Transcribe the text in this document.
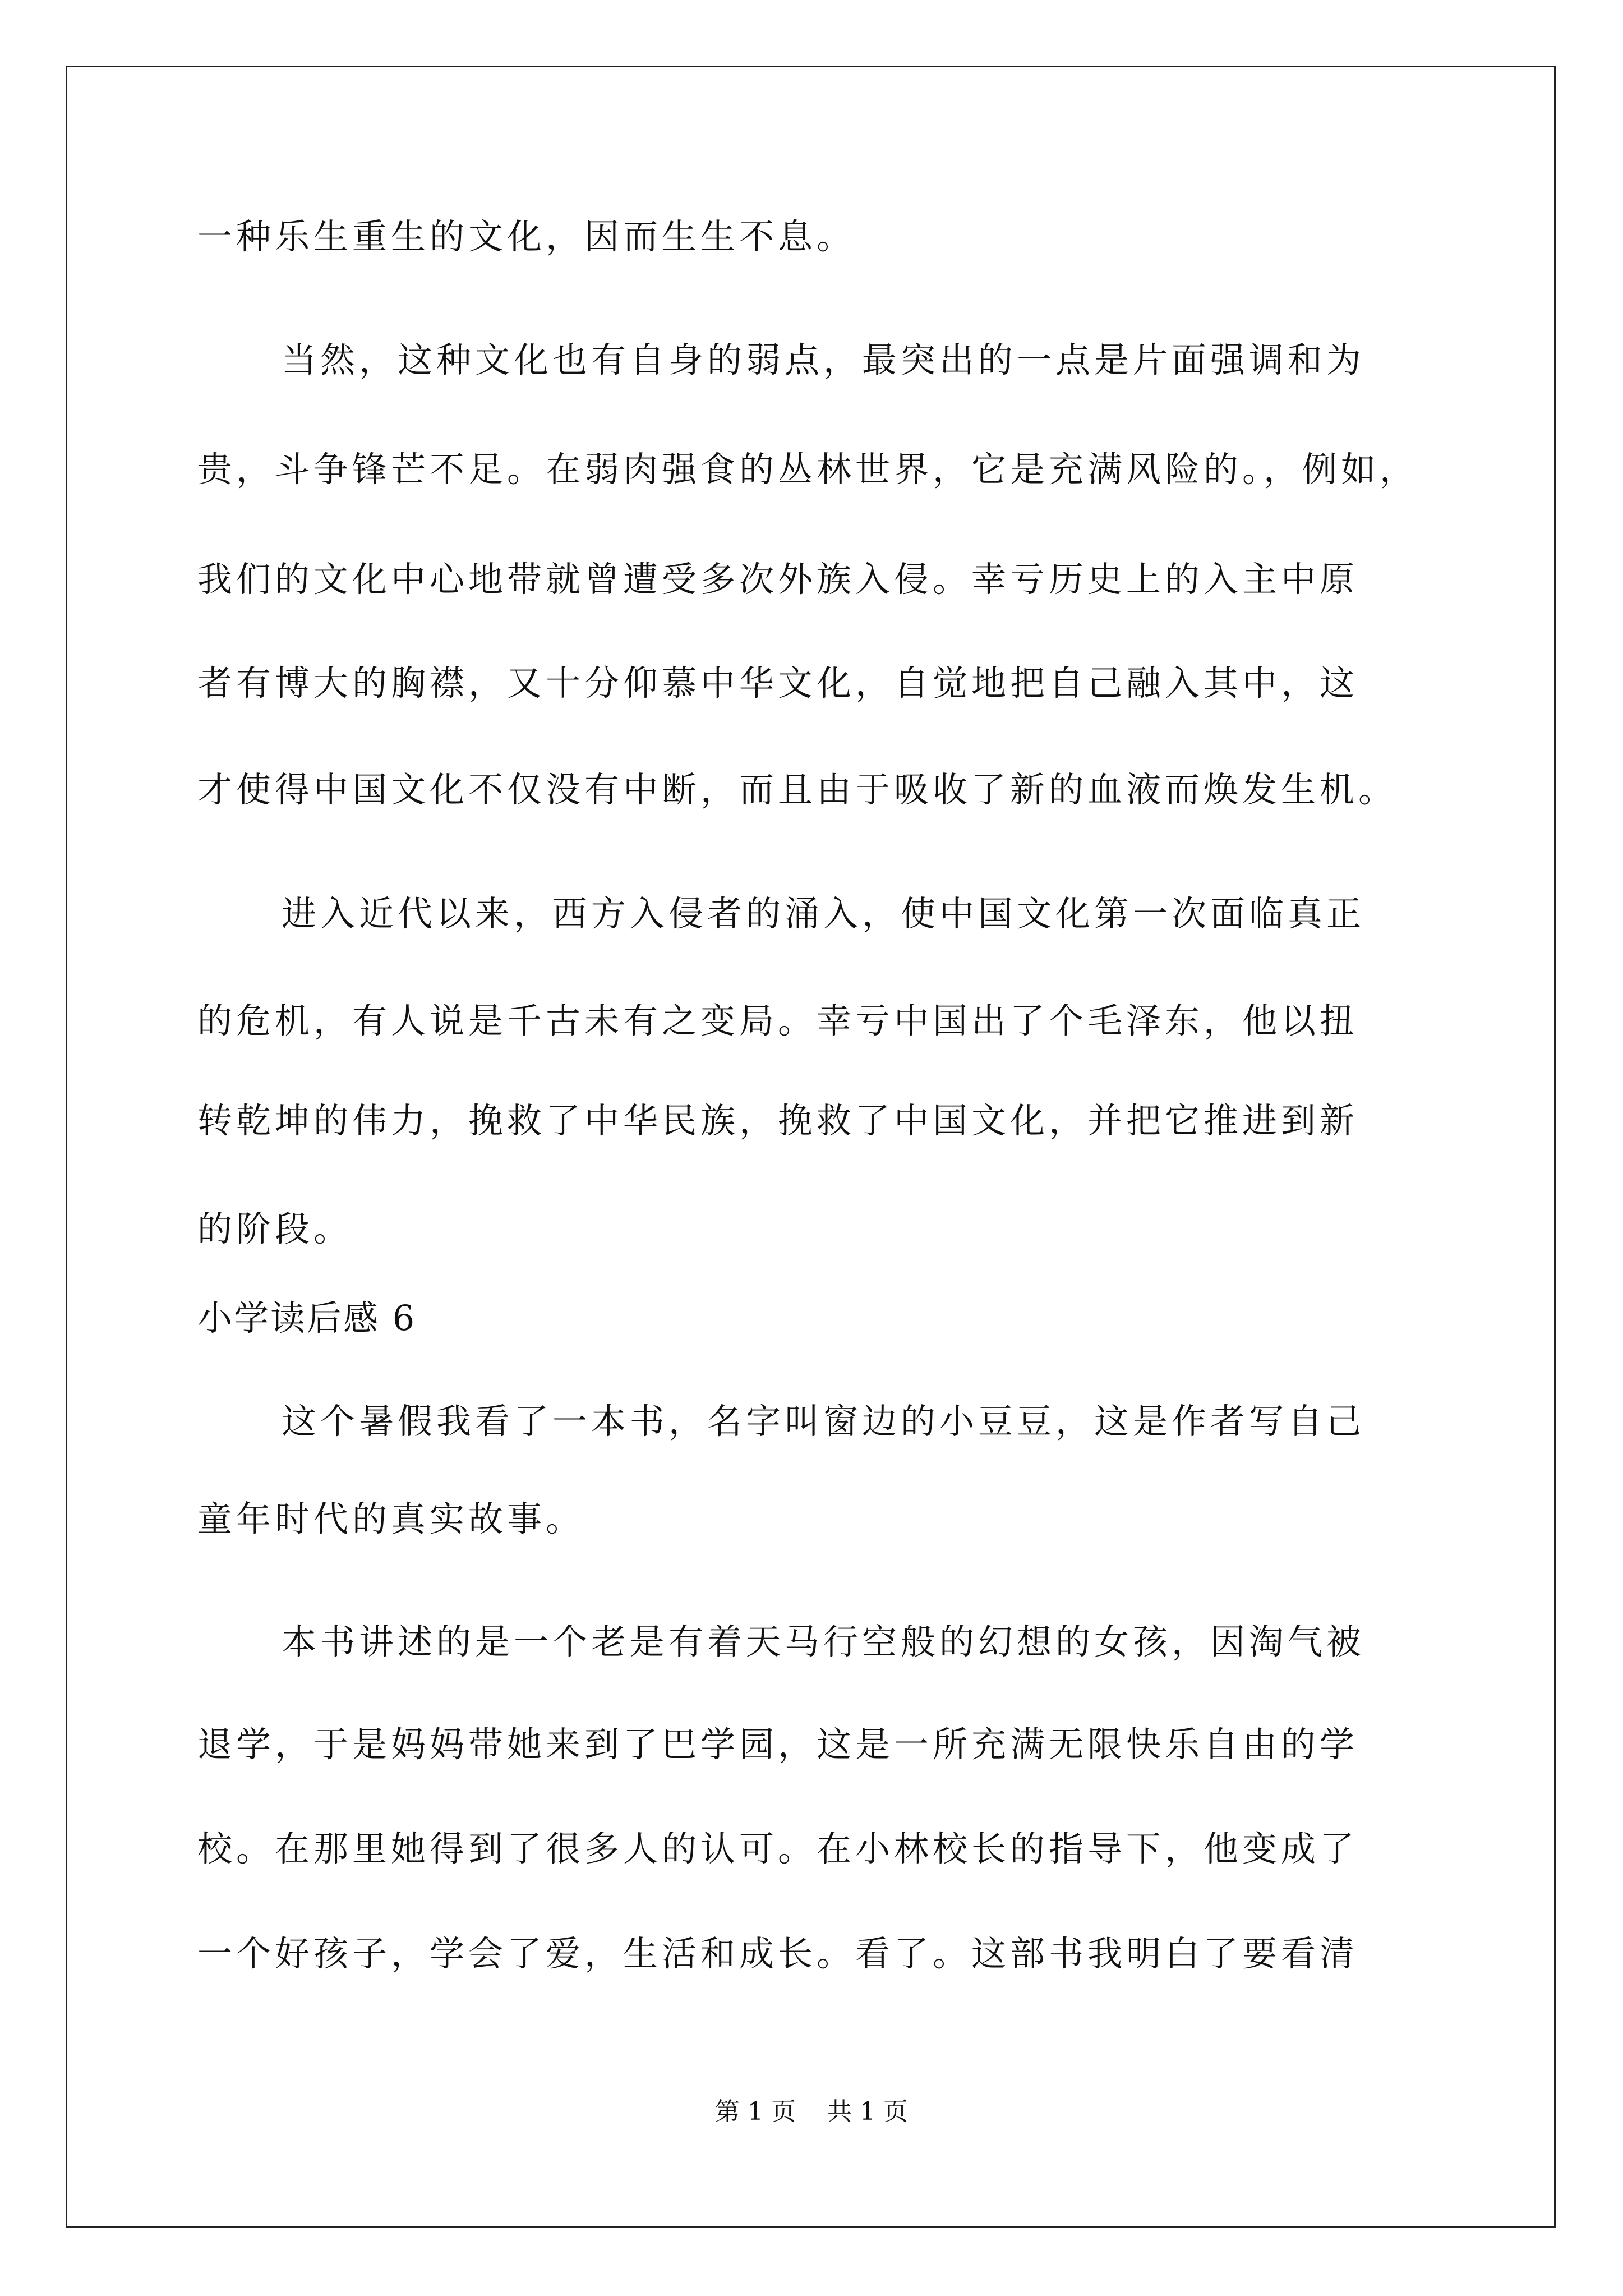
一种乐生重生的文化，因而生生不息。
当然，这种文化也有自身的弱点，最突出的一点是片面强调和为
贵，斗争锋芒不足。在弱肉强食的丛林世界，它是充满风险的。，例如，
我们的文化中心地带就曾遭受多次外族入侵。幸亏历史上的入主中原
者有博大的胸襟，又十分仰慕中华文化，自觉地把自己融入其中，这
才使得中国文化不仅没有中断，而且由于吸收了新的血液而焕发生机。
进入近代以来，西方入侵者的涌入，使中国文化第一次面临真正
的危机，有人说是千古未有之变局。幸亏中国出了个毛泽东，他以扭
转乾坤的伟力，挽救了中华民族，挽救了中国文化，并把它推进到新
的阶段。
小学读后感 6
这个暑假我看了一本书，名字叫窗边的小豆豆，这是作者写自己
童年时代的真实故事。
本书讲述的是一个老是有着天马行空般的幻想的女孩，因淘气被
退学，于是妈妈带她来到了巴学园，这是一所充满无限快乐自由的学
校。在那里她得到了很多人的认可。在小林校长的指导下，他变成了
一个好孩子，学会了爱，生活和成长。看了。这部书我明白了要看清
第 1 页    共 1 页
